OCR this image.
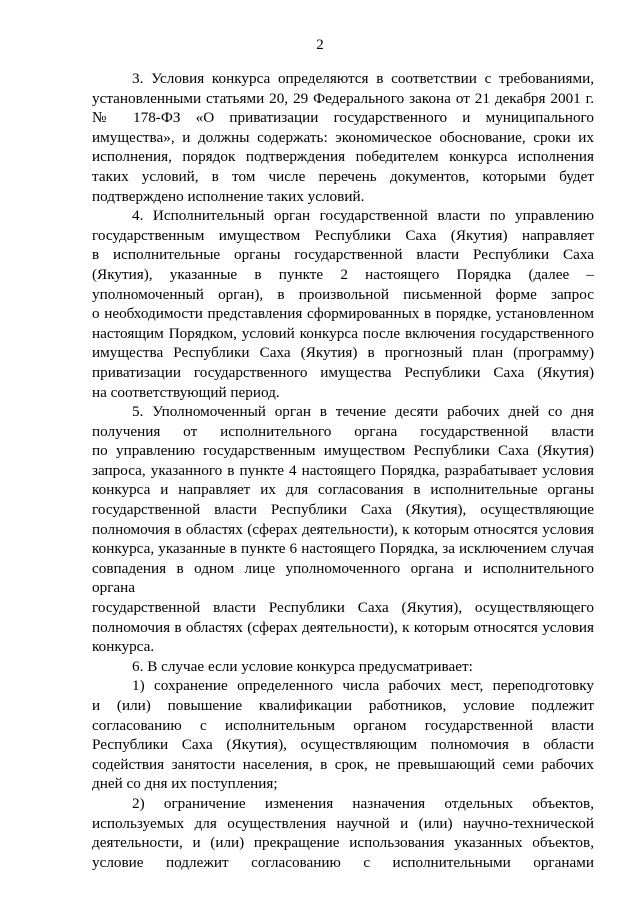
2
3. Условия конкурса определяются в соответствии с требованиями,
установленными статьями 20, 29 Федерального закона от 21 декабря 2001 г.
№ 178-ФЗ «О приватизации государственного и муниципального
имущества», и должны содержать: экономическое обоснование, сроки их
исполнения, порядок подтверждения победителем конкурса исполнения
таких условий, в том числе перечень документов, которыми будет
подтверждено исполнение таких условий.
4. Исполнительный орган государственной власти по управлению
государственным имуществом Республики Саха (Якутия) направляет
в исполнительные органы государственной власти Республики Саха
(Якутия), указанные в пункте 2 настоящего Порядка (далее –
уполномоченный орган), в произвольной письменной форме запрос
о необходимости представления сформированных в порядке, установленном
настоящим Порядком, условий конкурса после включения государственного
имущества Республики Саха (Якутия) в прогнозный план (программу)
приватизации государственного имущества Республики Саха (Якутия)
на соответствующий период.
5. Уполномоченный орган в течение десяти рабочих дней со дня
получения от исполнительного органа государственной власти
по управлению государственным имуществом Республики Саха (Якутия)
запроса, указанного в пункте 4 настоящего Порядка, разрабатывает условия
конкурса и направляет их для согласования в исполнительные органы
государственной власти Республики Саха (Якутия), осуществляющие
полномочия в областях (сферах деятельности), к которым относятся условия
конкурса, указанные в пункте 6 настоящего Порядка, за исключением случая
совпадения в одном лице уполномоченного органа и исполнительного органа
государственной власти Республики Саха (Якутия), осуществляющего
полномочия в областях (сферах деятельности), к которым относятся условия
конкурса.
6. В случае если условие конкурса предусматривает:
1) сохранение определенного числа рабочих мест, переподготовку
и (или) повышение квалификации работников, условие подлежит
согласованию с исполнительным органом государственной власти
Республики Саха (Якутия), осуществляющим полномочия в области
содействия занятости населения, в срок, не превышающий семи рабочих
дней со дня их поступления;
2) ограничение изменения назначения отдельных объектов,
используемых для осуществления научной и (или) научно-технической
деятельности, и (или) прекращение использования указанных объектов,
условие подлежит согласованию с исполнительными органами
